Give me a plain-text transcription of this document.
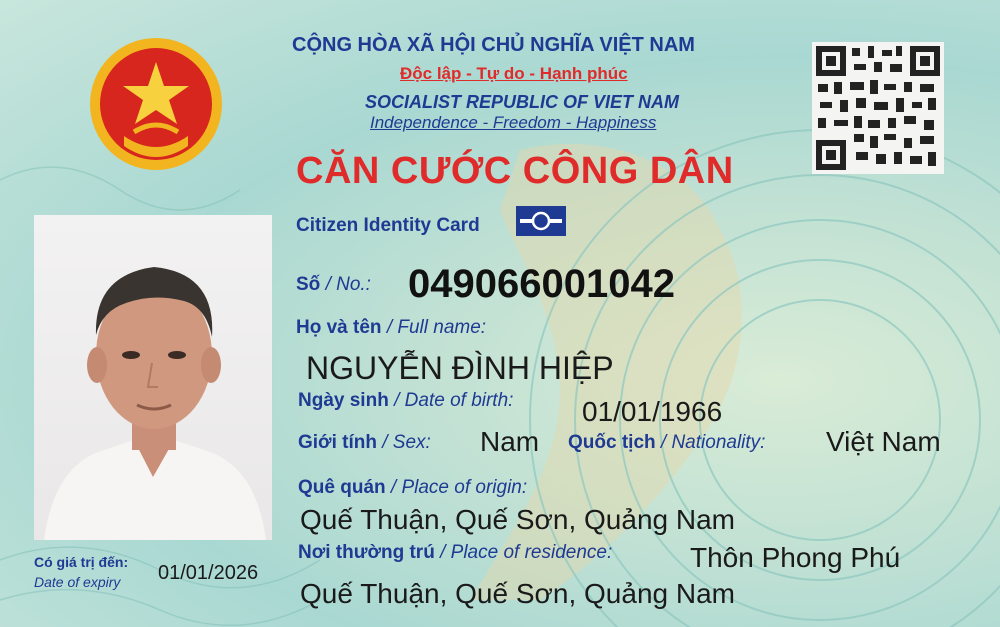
CỘNG HÒA XÃ HỘI CHỦ NGHĨA VIỆT NAM
Độc lập - Tự do - Hạnh phúc
SOCIALIST REPUBLIC OF VIET NAM
Independence - Freedom - Happiness
CĂN CƯỚC CÔNG DÂN
Citizen Identity Card
Số / No.: 049066001042
Họ và tên / Full name:
NGUYỄN ĐÌNH HIỆP
Ngày sinh / Date of birth: 01/01/1966
Giới tính / Sex: Nam Quốc tịch / Nationality: Việt Nam
Quê quán / Place of origin:
Quế Thuận, Quế Sơn, Quảng Nam
Nơi thường trú / Place of residence:	Thôn Phong Phú
Quế Thuận, Quế Sơn, Quảng Nam
Có giá trị đến:
Date of expiry 01/01/2026
